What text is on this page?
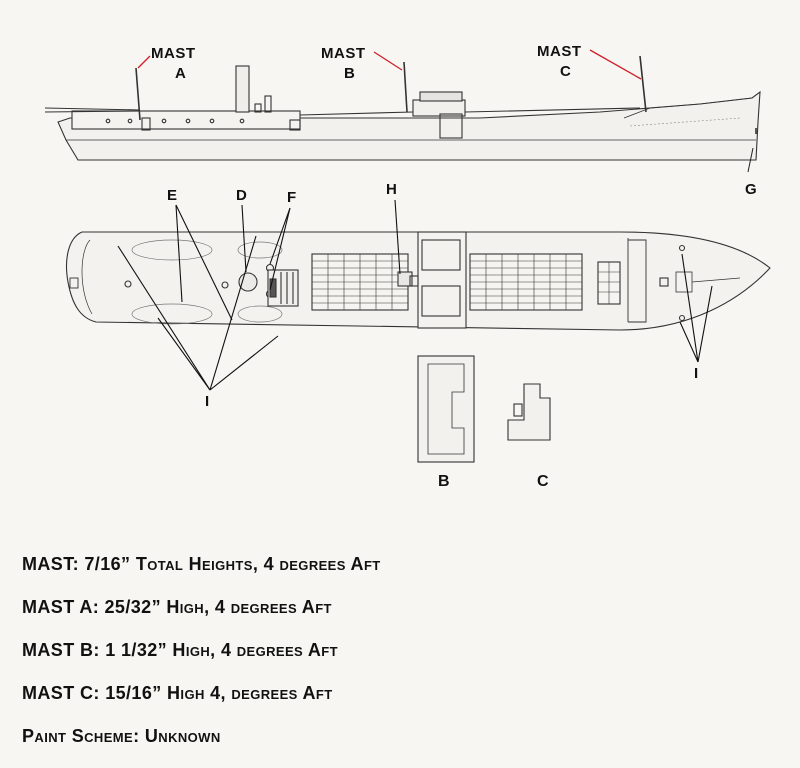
MAST
A
MAST
B
MAST
C
G
E	D	F	H
I
I
B	C
MAST: 7/16” Total Heights, 4 degrees Aft
MAST A: 25/32” High, 4 degrees Aft
MAST B: 1 1/32” High, 4 degrees Aft
MAST C: 15/16” High 4, degrees Aft
Paint Scheme: Unknown
